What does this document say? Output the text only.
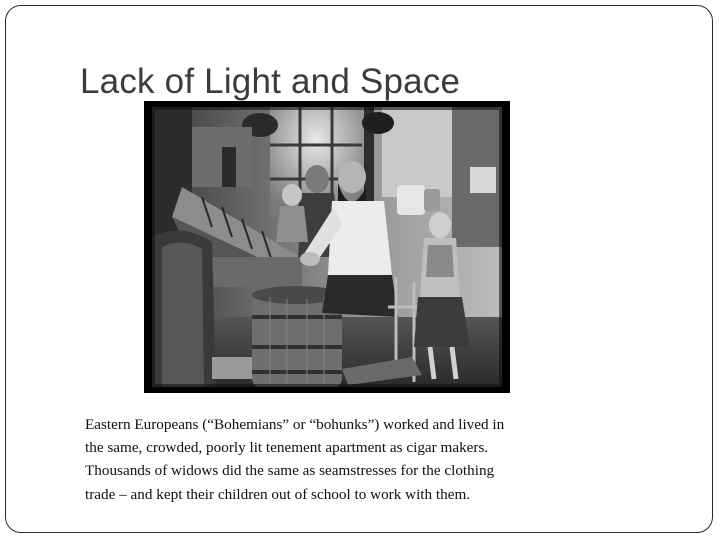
Lack of Light and Space
Eastern Europeans (“Bohemians” or “bohunks”) worked and lived in
the same, crowded, poorly lit tenement apartment as cigar makers.
Thousands of widows did the same as seamstresses for the clothing
trade – and kept their children out of school to work with them.
